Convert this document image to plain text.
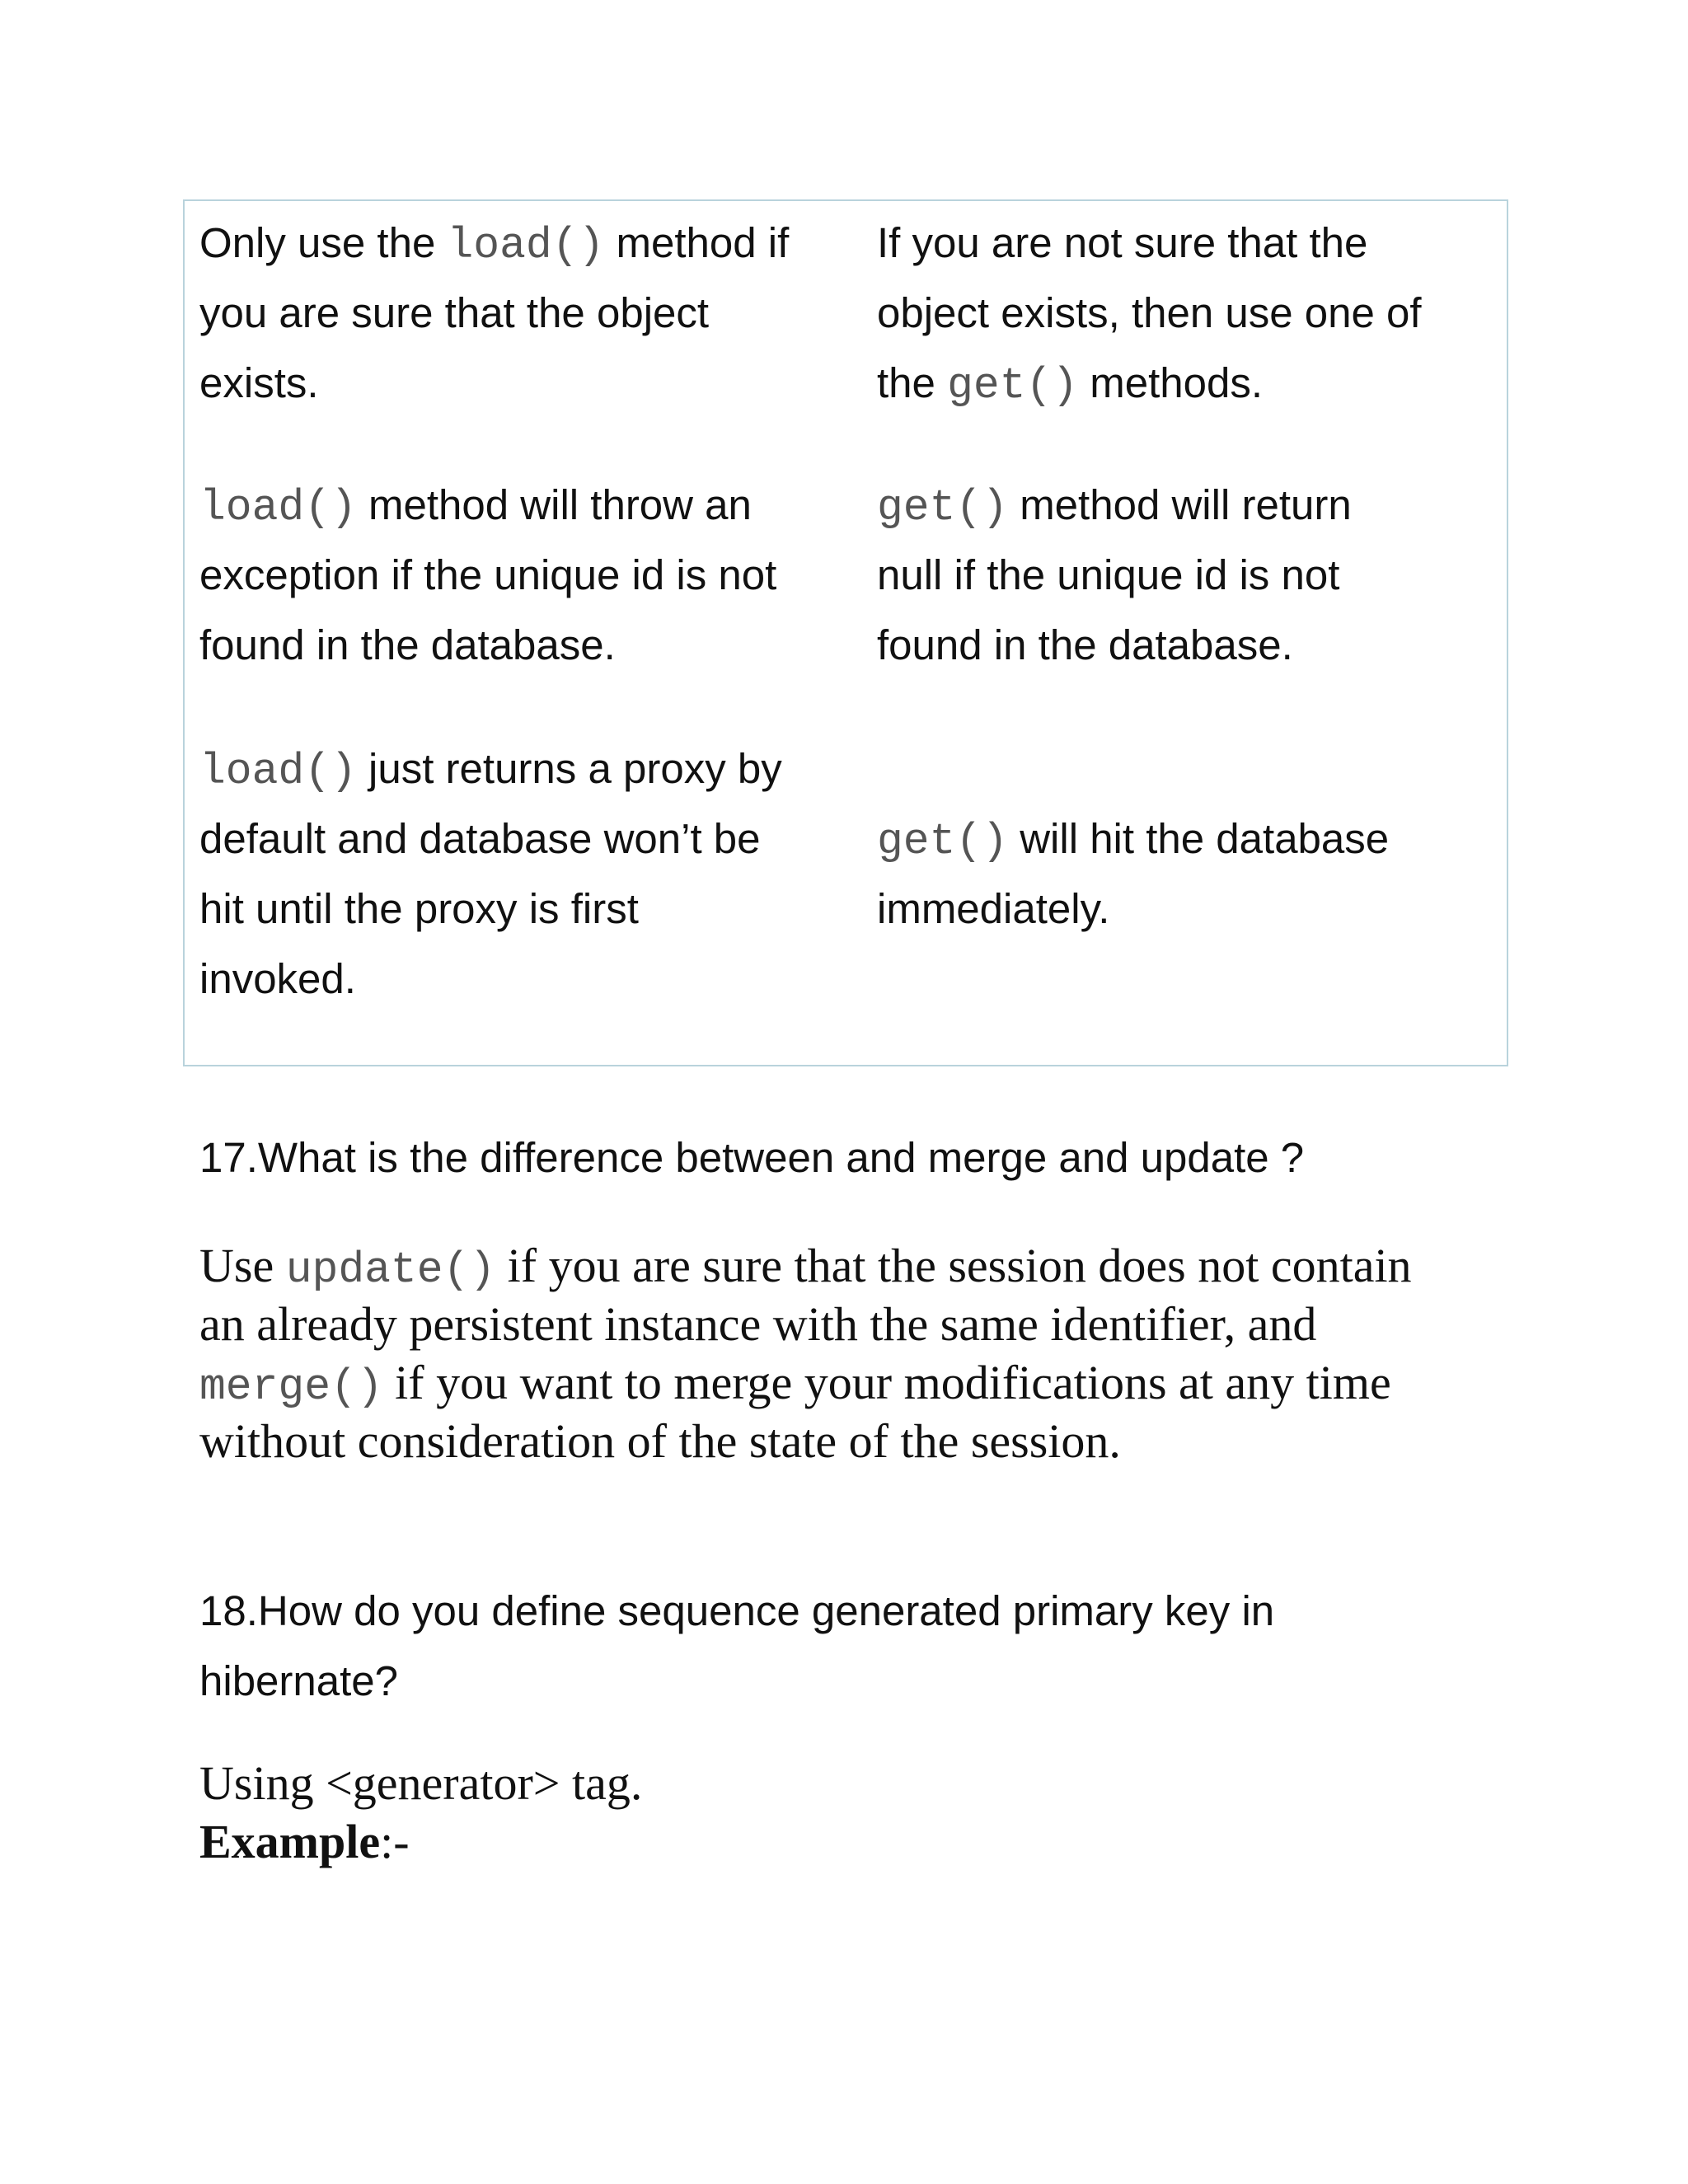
Only use the load() method if
you are sure that the object
exists.
If you are not sure that the
object exists, then use one of
the get() methods.
load() method will throw an
exception if the unique id is not
found in the database.
get() method will return
null if the unique id is not
found in the database.
load() just returns a proxy by
default and database won’t be
hit until the proxy is first
invoked.
get() will hit the database
immediately.
17.What is the difference between and merge and update ?
Use update() if you are sure that the session does not contain
an already persistent instance with the same identifier, and
merge() if you want to merge your modifications at any time
without consideration of the state of the session.
18.How do you define sequence generated primary key in
hibernate?
Using <generator> tag.
Example:-
